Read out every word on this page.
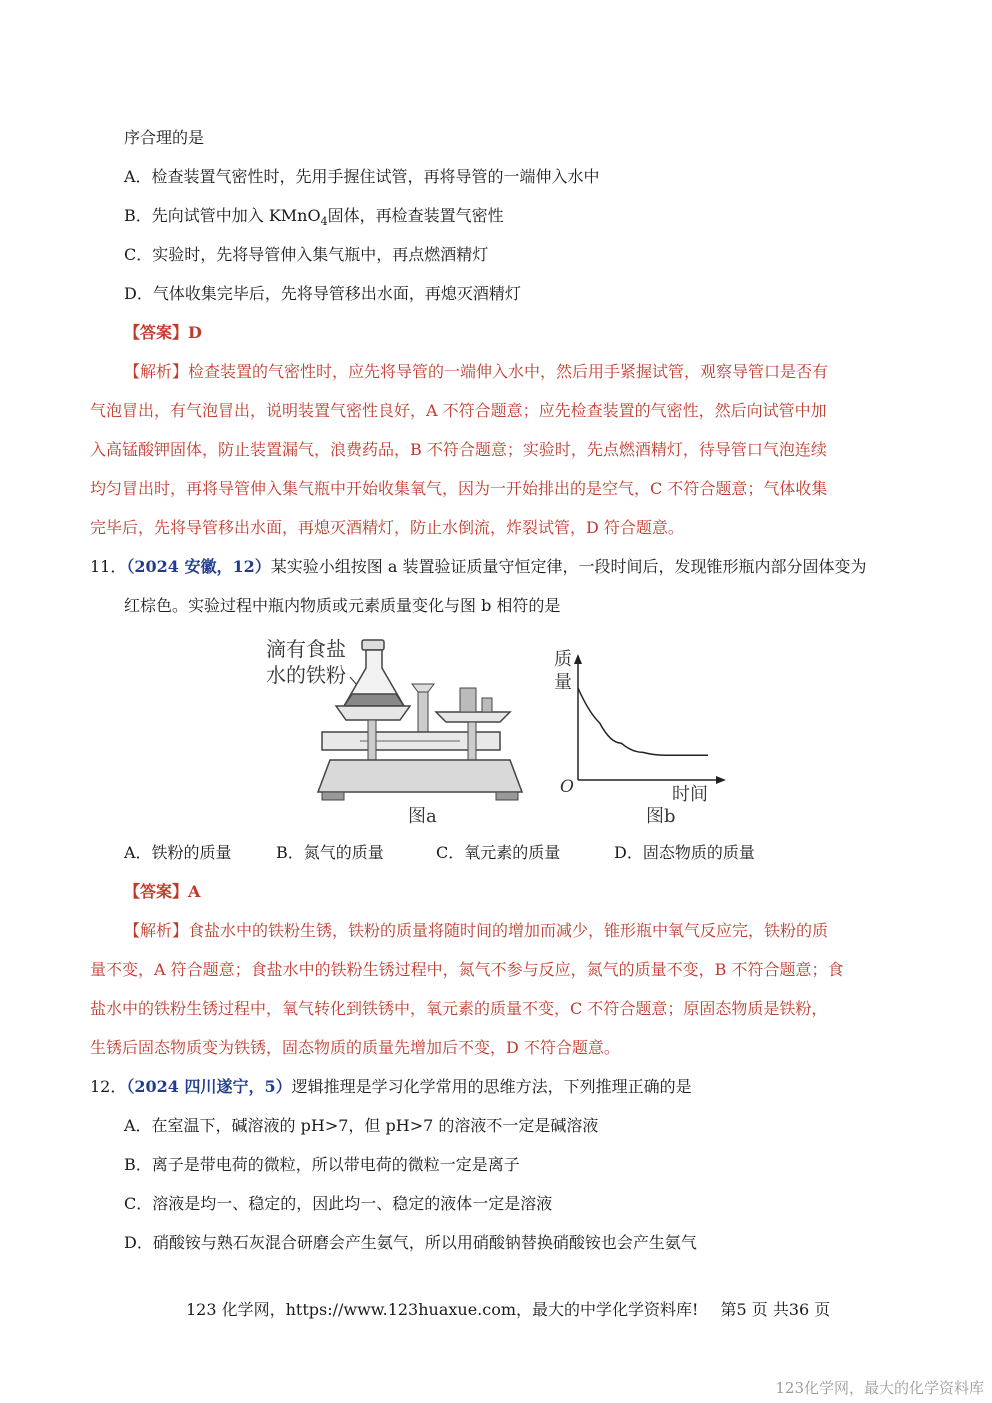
序合理的是
A．检查装置气密性时，先用手握住试管，再将导管的一端伸入水中
B．先向试管中加入 KMnO$_4$固体，再检查装置气密性
C．实验时，先将导管伸入集气瓶中，再点燃酒精灯
D．气体收集完毕后，先将导管移出水面，再熄灭酒精灯
【答案】D
【解析】检查装置的气密性时，应先将导管的一端伸入水中，然后用手紧握试管，观察导管口是否有
气泡冒出，有气泡冒出，说明装置气密性良好，A 不符合题意；应先检查装置的气密性，然后向试管中加
入高锰酸钾固体，防止装置漏气，浪费药品，B 不符合题意；实验时，先点燃酒精灯，待导管口气泡连续
均匀冒出时，再将导管伸入集气瓶中开始收集氧气，因为一开始排出的是空气，C 不符合题意；气体收集
完毕后，先将导管移出水面，再熄灭酒精灯，防止水倒流，炸裂试管，D 符合题意。
11．（2024 安徽，12）某实验小组按图 a 装置验证质量守恒定律，一段时间后，发现锥形瓶内部分固体变为
红棕色。实验过程中瓶内物质或元素质量变化与图 b 相符的是
滴有食盐
水的铁粉
图a
质
量
O	时间
图b
A．铁粉的质量	B．氮气的质量	C．氧元素的质量	D．固态物质的质量
【答案】A
【解析】食盐水中的铁粉生锈，铁粉的质量将随时间的增加而减少，锥形瓶中氧气反应完，铁粉的质
量不变，A 符合题意；食盐水中的铁粉生锈过程中，氮气不参与反应，氮气的质量不变，B 不符合题意；食
盐水中的铁粉生锈过程中，氧气转化到铁锈中，氧元素的质量不变，C 不符合题意；原固态物质是铁粉，
生锈后固态物质变为铁锈，固态物质的质量先增加后不变，D 不符合题意。
12．（2024 四川遂宁，5）逻辑推理是学习化学常用的思维方法，下列推理正确的是
A．在室温下，碱溶液的 pH>7，但 pH>7 的溶液不一定是碱溶液
B．离子是带电荷的微粒，所以带电荷的微粒一定是离子
C．溶液是均一、稳定的，因此均一、稳定的液体一定是溶液
D．硝酸铵与熟石灰混合研磨会产生氨气，所以用硝酸钠替换硝酸铵也会产生氨气
123 化学网，https://www.123huaxue.com，最大的中学化学资料库! 第5 页 共36 页
123化学网，最大的化学资料库
